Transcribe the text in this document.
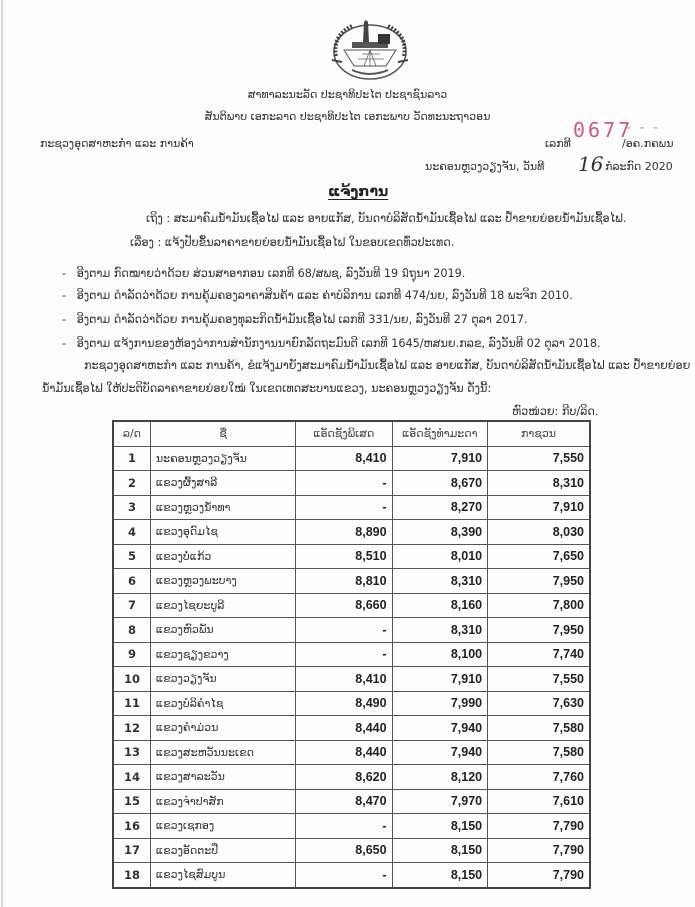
ສາທາລະນະລັດ ປະຊາທິປະໄຕ ປະຊາຊົນລາວ
ສັນຕິພາບ ເອກະລາດ ປະຊາທິປະໄຕ ເອກະພາບ ວັດທະນະຖາວອນ
ກະຊວງອຸດສາຫະກຳ ແລະ ການຄ້າ	ເລກທີ
0677
- - -
/ອຄ.ກຄພນ
ນະຄອນຫຼວງວຽງຈັນ, ວັນທີ 16 ກໍລະກົດ 2020
ແຈ້ງການ
ເຖິງ : ສະມາຄົມນ້ຳມັນເຊື້ອໄຟ ແລະ ອາຍແກັສ, ບັນດາບໍລິສັດນ້ຳມັນເຊື້ອໄຟ ແລະ ປ້ຳຂາຍຍ່ອຍນ້ຳມັນເຊື້ອໄຟ.
ເລື່ອງ : ແຈ້ງປັບຂຶ້ນລາຄາຂາຍຍ່ອຍນ້ຳມັນເຊື້ອໄຟ ໃນຂອບເຂດທົ່ວປະເທດ.
-   ອີງຕາມ ກົດໝາຍວ່າດ້ວຍ ສ່ວນສາອາກອນ ເລກທີ 68/ສພຊ, ລົງວັນທີ 19 มิຖຸນາ 2019.
-   ອີງຕາມ ດຳລັດວ່າດ້ວຍ ການຄຸ້ມຄອງລາຄາສິນຄ້າ ແລະ ຄ່າບໍລິການ ເລກທີ 474/ນຍ, ລົງວັນທີ 18 ພະຈິກ 2010.
-   ອີງຕາມ ດຳລັດວ່າດ້ວຍ ການຄຸ້ມຄອງທຸລະກິດນ້ຳມັນເຊື້ອໄຟ ເລກທີ 331/ນຍ, ລົງວັນທີ 27 ຕຸລາ 2017.
-   ອີງຕາມ ແຈ້ງການຂອງຫ້ອງວ່າການສຳນັກງານນາຍົກລັດຖະມົນຕີ ເລກທີ 1645/ຫສນຍ.ກລຂ, ລົງວັນທີ 02 ຕຸລາ 2018.
ກະຊວງອຸດສາຫະກຳ ແລະ ການຄ້າ, ຂໍແຈ້ງມາຍັງສະມາຄົມນ້ຳມັນເຊື້ອໄຟ ແລະ ອາຍແກັສ, ບັນດາບໍລິສັດນ້ຳມັນເຊື້ອໄຟ ແລະ ປ້ຳຂາຍຍ່ອຍ
ນ້ຳມັນເຊື້ອໄຟ ໃຫ້ປະຕິບັດລາຄາຂາຍຍ່ອຍໃໝ່ ໃນເຂດເທດສະບານແຂວງ, ນະຄອນຫຼວງວຽງຈັນ ດັ່ງນີ້:
ຫົວໜ່ວຍ: ກີບ/ລິດ.
ລ/ດ	ຊື່	ແອັດຊັງພິເສດ	ແອັດຊັງທຳມະດາ	ກາຊວນ
1	ນະຄອນຫຼວງວຽງຈັນ	8,410	7,910	7,550
2	ແຂວງຜົ້ງສາລີ	-	8,670	8,310
3	ແຂວງຫຼວງນ້ຳທາ	-	8,270	7,910
4	ແຂວງອຸດົມໄຊ	8,890	8,390	8,030
5	ແຂວງບໍ່ແກ້ວ	8,510	8,010	7,650
6	ແຂວງຫຼວງພະບາງ	8,810	8,310	7,950
7	ແຂວງໄຊຍະບູລີ	8,660	8,160	7,800
8	ແຂວງຫົວພັນ	-	8,310	7,950
9	ແຂວງຊຽງຂວາງ	-	8,100	7,740
10	ແຂວງວຽງຈັນ	8,410	7,910	7,550
11	ແຂວງບໍລິຄຳໄຊ	8,490	7,990	7,630
12	ແຂວງຄຳມ່ວນ	8,440	7,940	7,580
13	ແຂວງສະຫວັນນະເຂດ	8,440	7,940	7,580
14	ແຂວງສາລະວັນ	8,620	8,120	7,760
15	ແຂວງຈຳປາສັກ	8,470	7,970	7,610
16	ແຂວງເຊກອງ	-	8,150	7,790
17	ແຂວງອັດຕະປື	8,650	8,150	7,790
18	ແຂວງໄຊສົມບູນ	-	8,150	7,790
